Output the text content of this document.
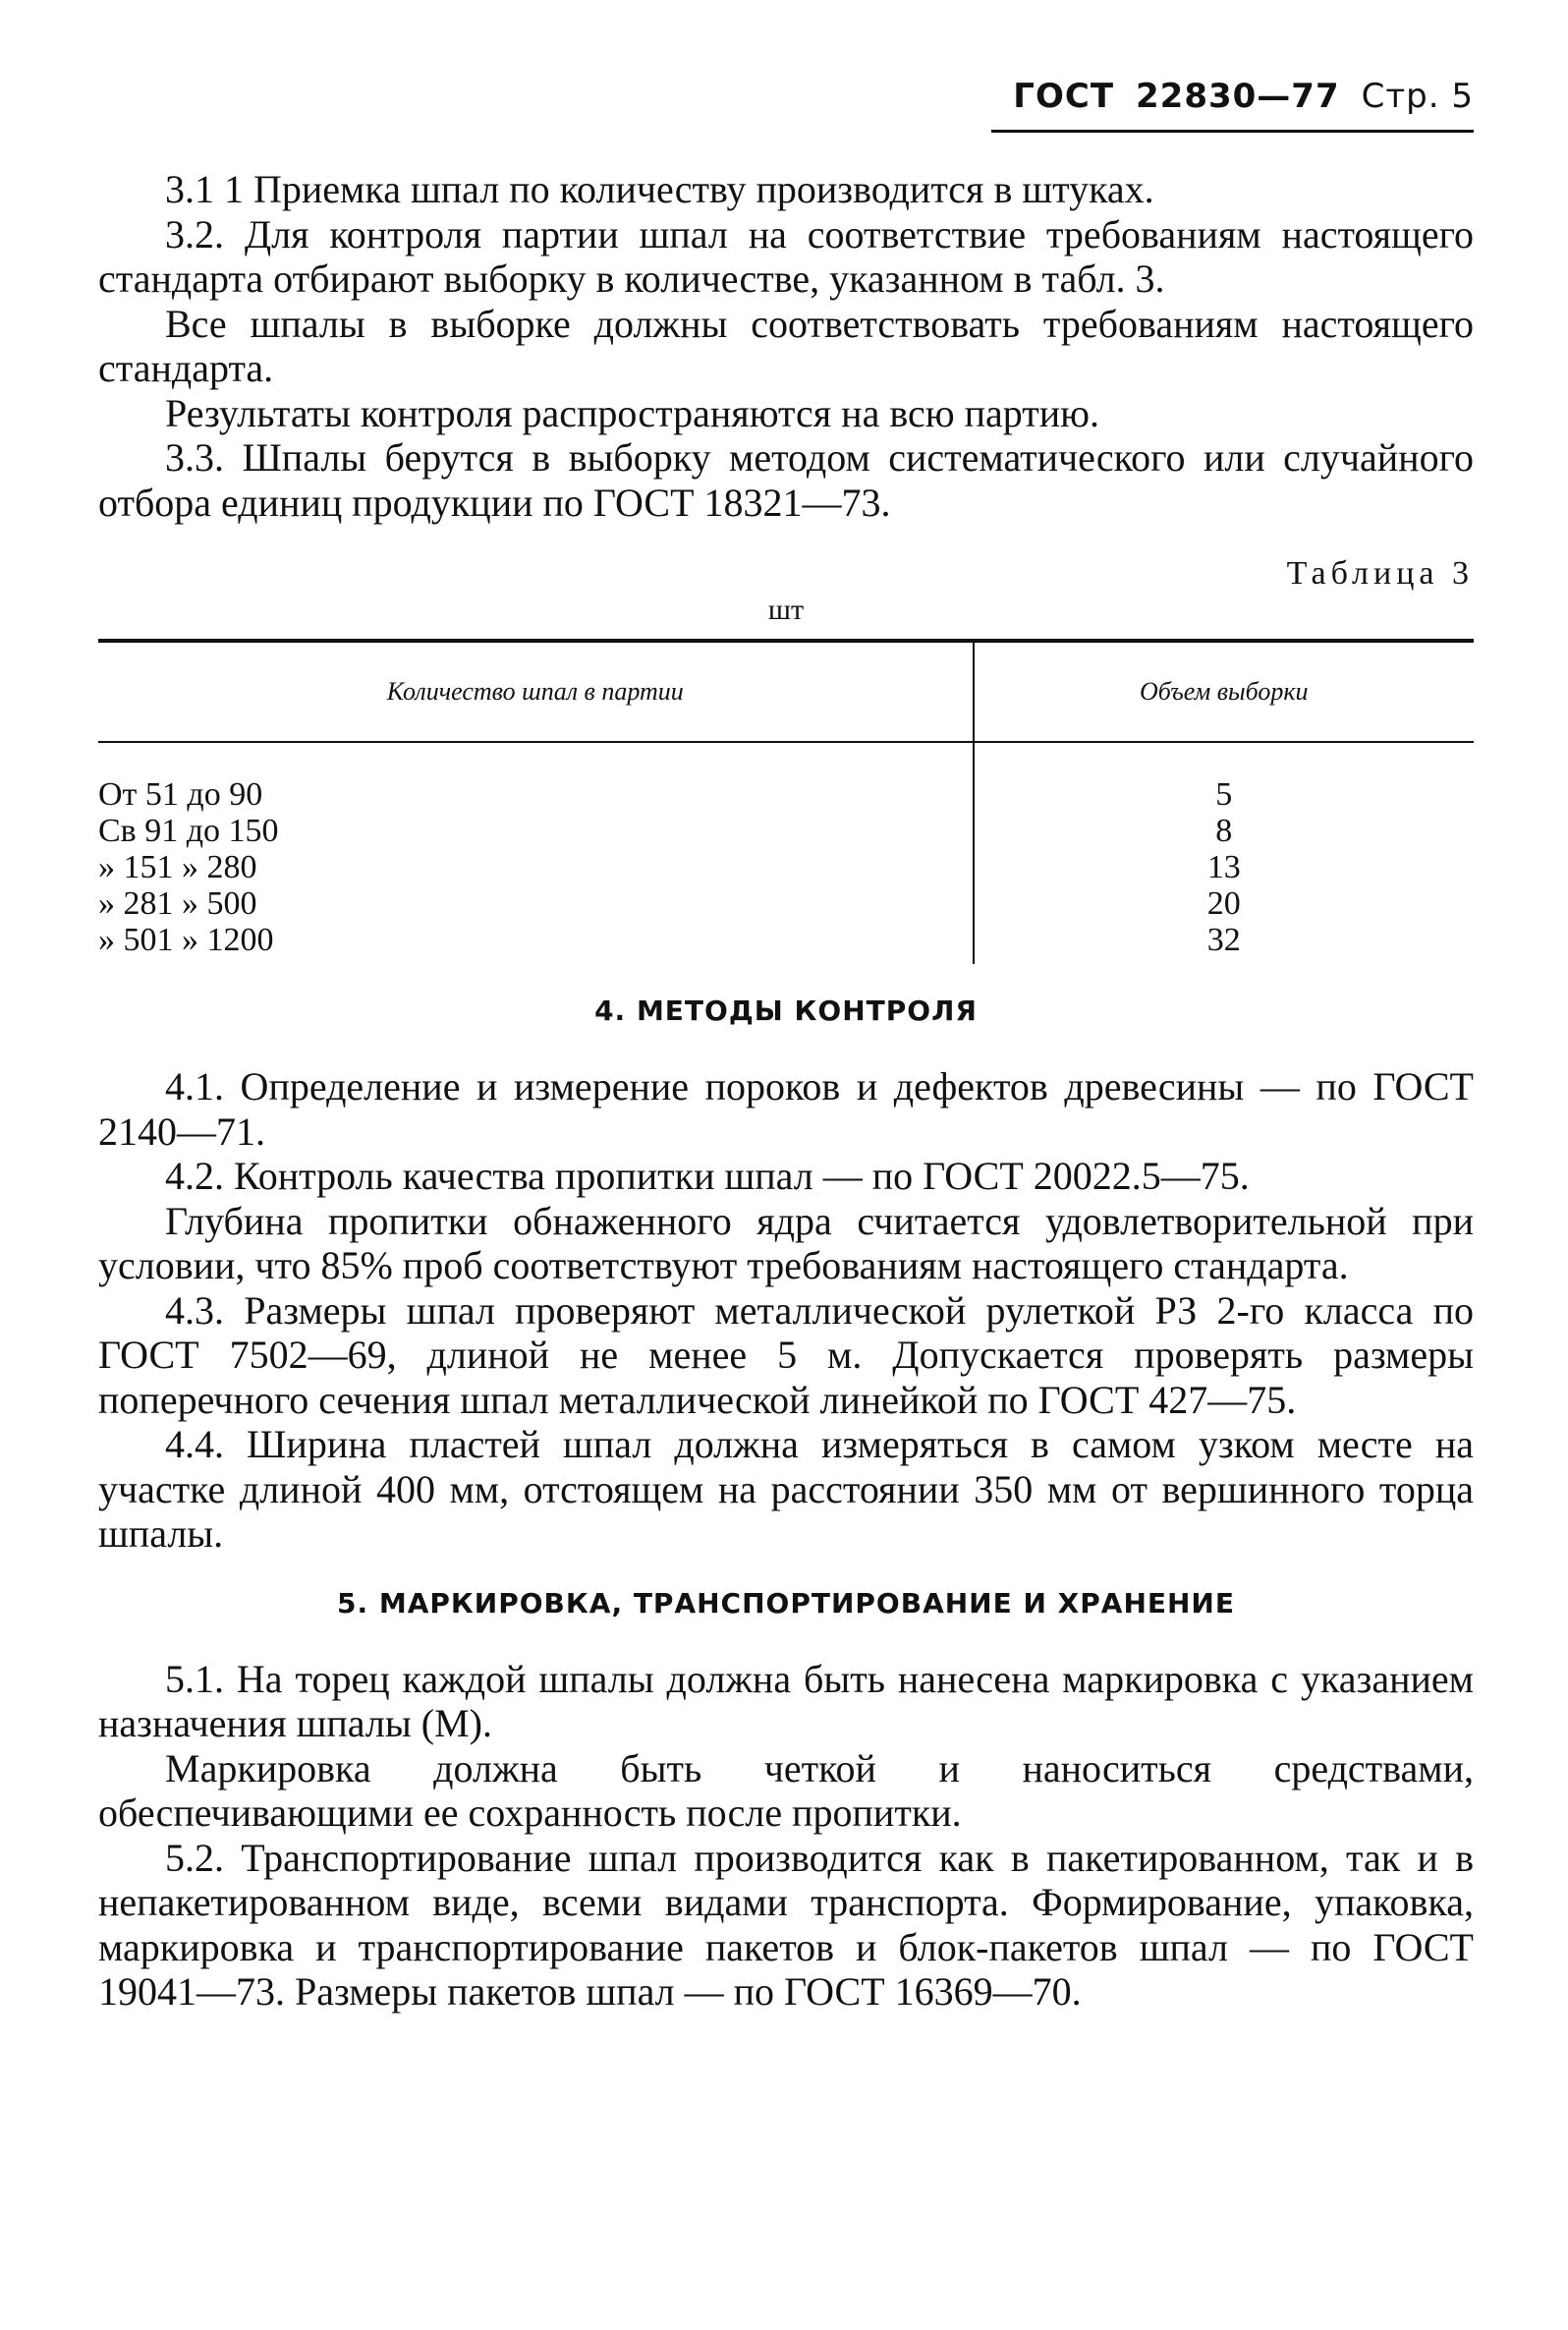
ГОСТ 22830—77 Стр. 5

3.1 1 Приемка шпал по количеству производится в штуках.

3.2. Для контроля партии шпал на соответствие требованиям настоящего стандарта отбирают выборку в количестве, указанном в табл. 3.

Все шпалы в выборке должны соответствовать требованиям настоящего стандарта.

Результаты контроля распространяются на всю партию.

3.3. Шпалы берутся в выборку методом систематического или случайного отбора единиц продукции по ГОСТ 18321—73.

Таблица 3
шт
Количество шпал в партии	Объем выборки
От 51 до 90	5
Св 91 до 150	8
» 151 » 280	13
» 281 » 500	20
» 501 » 1200	32
4. МЕТОДЫ КОНТРОЛЯ

4.1. Определение и измерение пороков и дефектов древесины — по ГОСТ 2140—71.

4.2. Контроль качества пропитки шпал — по ГОСТ 20022.5—75.

Глубина пропитки обнаженного ядра считается удовлетворительной при условии, что 85% проб соответствуют требованиям настоящего стандарта.

4.3. Размеры шпал проверяют металлической рулеткой РЗ 2-го класса по ГОСТ 7502—69, длиной не менее 5 м. Допускается проверять размеры поперечного сечения шпал металлической линейкой по ГОСТ 427—75.

4.4. Ширина пластей шпал должна измеряться в самом узком месте на участке длиной 400 мм, отстоящем на расстоянии 350 мм от вершинного торца шпалы.

5. МАРКИРОВКА, ТРАНСПОРТИРОВАНИЕ И ХРАНЕНИЕ

5.1. На торец каждой шпалы должна быть нанесена маркировка с указанием назначения шпалы (М).

Маркировка должна быть четкой и наноситься средствами, обеспечивающими ее сохранность после пропитки.

5.2. Транспортирование шпал производится как в пакетированном, так и в непакетированном виде, всеми видами транспорта. Формирование, упаковка, маркировка и транспортирование пакетов и блок-пакетов шпал — по ГОСТ 19041—73. Размеры пакетов шпал — по ГОСТ 16369—70.
